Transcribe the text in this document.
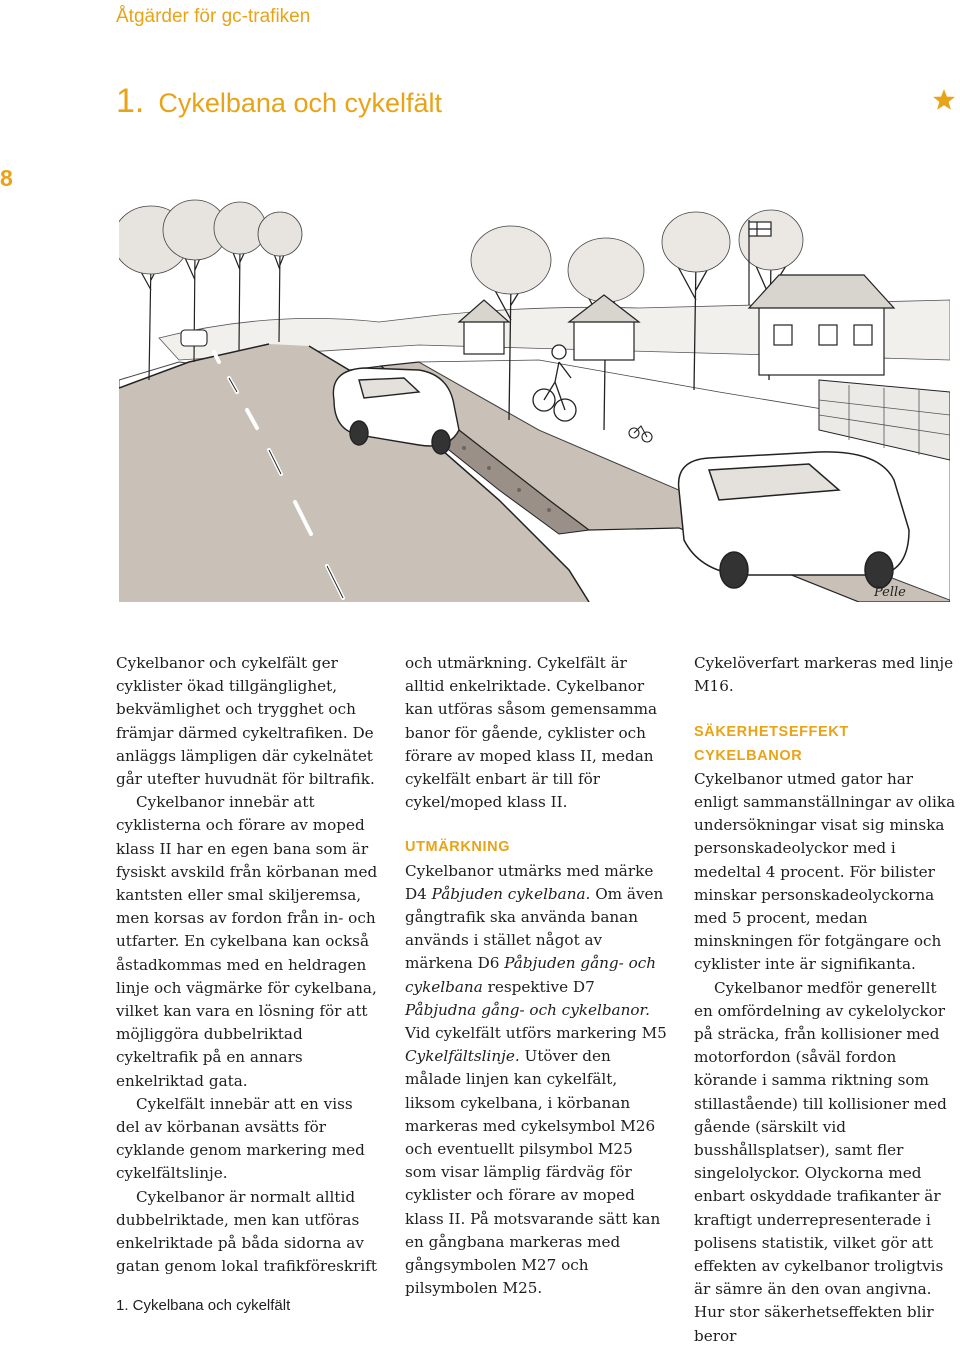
Åtgärder för gc-trafiken
1. Cykelbana och cykelfält
8
Pelle

Cykelbanor och cykelfält ger cyklister ökad tillgänglighet, bekvämlighet och trygghet och främjar därmed cykeltrafiken. De anläggs lämpligen där cykelnätet går utefter huvudnät för biltrafik.

Cykelbanor innebär att cyklisterna och förare av moped klass II har en egen bana som är fysiskt avskild från körbanan med kantsten eller smal skiljeremsa, men korsas av fordon från in- och utfarter. En cykelbana kan också åstadkommas med en heldragen linje och vägmärke för cykelbana, vilket kan vara en lösning för att möjliggöra dubbelriktad cykeltrafik på en annars enkelriktad gata.

Cykelfält innebär att en viss del av körbanan avsätts för cyklande genom markering med cykelfältslinje.

Cykelbanor är normalt alltid dubbelriktade, men kan utföras enkelriktade på båda sidorna av gatan genom lokal trafikföreskrift

och utmärkning. Cykelfält är alltid enkelriktade. Cykelbanor kan utföras såsom gemensamma banor för gående, cyklister och förare av moped klass II, medan cykelfält enbart är till för cykel/moped klass II.

UTMÄRKNING

Cykelbanor utmärks med märke D4 Påbjuden cykelbana. Om även gångtrafik ska använda banan används i stället något av märkena D6 Påbjuden gång- och cykelbana respektive D7 Påbjudna gång- och cykelbanor. Vid cykelfält utförs markering M5 Cykelfältslinje. Utöver den målade linjen kan cykelfält, liksom cykelbana, i körbanan markeras med cykelsymbol M26 och eventuellt pilsymbol M25 som visar lämplig färdväg för cyklister och förare av moped klass II. På motsvarande sätt kan en gångbana markeras med gångsymbolen M27 och pilsymbolen M25.

Cykelöverfart markeras med linje M16.

SÄKERHETSEFFEKT CYKELBANOR

Cykelbanor utmed gator har enligt sammanställningar av olika undersökningar visat sig minska personskadeolyckor med i medeltal 4 procent. För bilister minskar personskadeolyckorna med 5 procent, medan minskningen för fotgängare och cyklister inte är signifikanta.

Cykelbanor medför generellt en omfördelning av cykelolyckor på sträcka, från kollisioner med motorfordon (såväl fordon körande i samma riktning som stillastående) till kollisioner med gående (särskilt vid busshållsplatser), samt fler singelolyckor. Olyckorna med enbart oskyddade trafikanter är kraftigt underrepresenterade i polisens statistik, vilket gör att effekten av cykelbanor troligtvis är sämre än den ovan angivna. Hur stor säkerhetseffekten blir beror

1. Cykelbana och cykelfält
